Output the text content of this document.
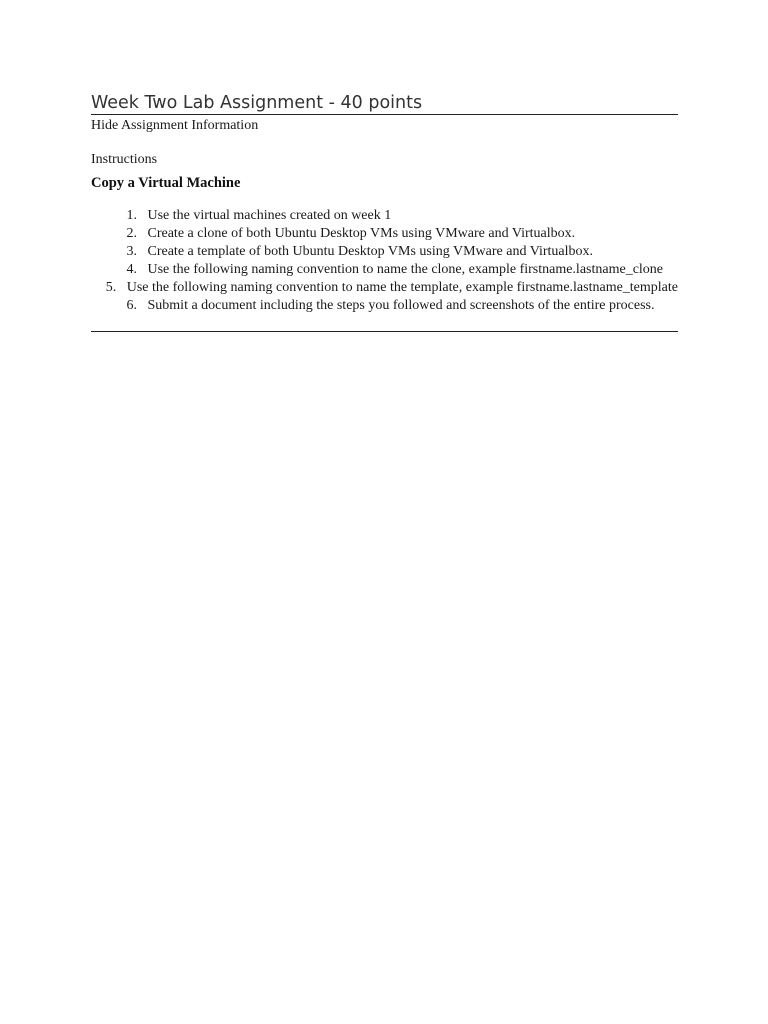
Week Two Lab Assignment - 40 points
Hide Assignment Information
Instructions
Copy a Virtual Machine
1.
Use the virtual machines created on week 1
2.
Create a clone of both Ubuntu Desktop VMs using VMware and Virtualbox.
3.
Create a template of both Ubuntu Desktop VMs using VMware and Virtualbox.
4.
Use the following naming convention to name the clone, example firstname.lastname_clone
5.
Use the following naming convention to name the template, example firstname.lastname_template
6.
Submit a document including the steps you followed and screenshots of the entire process.
